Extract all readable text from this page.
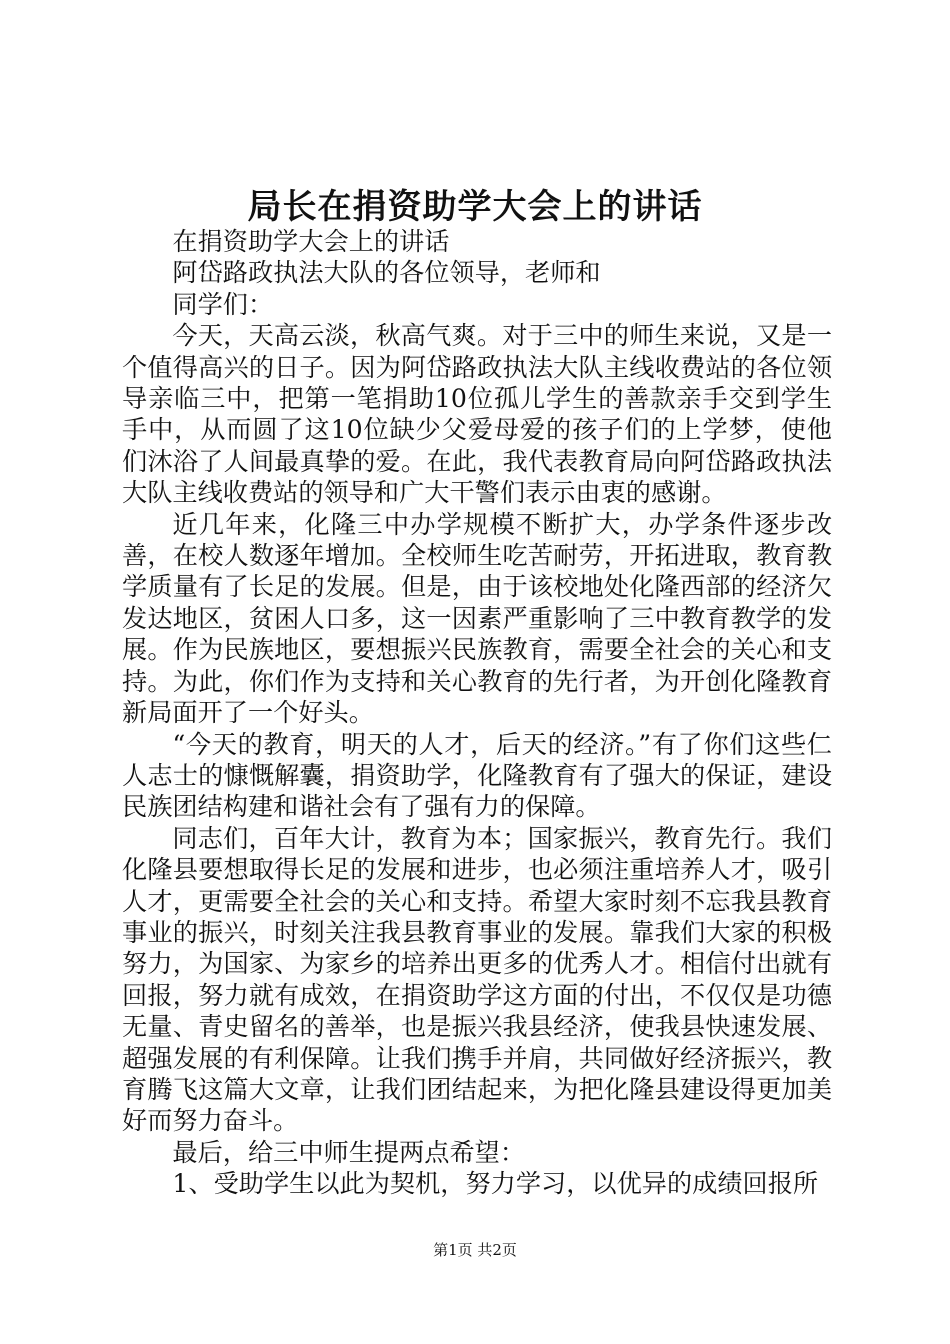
局长在捐资助学大会上的讲话

在捐资助学大会上的讲话

阿岱路政执法大队的各位领导，老师和

同学们：

今天，天高云淡，秋高气爽。对于三中的师生来说，又是一个值得高兴的日子。因为阿岱路政执法大队主线收费站的各位领导亲临三中，把第一笔捐助10位孤儿学生的善款亲手交到学生手中，从而圆了这10位缺少父爱母爱的孩子们的上学梦，使他们沐浴了人间最真挚的爱。在此，我代表教育局向阿岱路政执法大队主线收费站的领导和广大干警们表示由衷的感谢。

近几年来，化隆三中办学规模不断扩大，办学条件逐步改善，在校人数逐年增加。全校师生吃苦耐劳，开拓进取，教育教学质量有了长足的发展。但是，由于该校地处化隆西部的经济欠发达地区，贫困人口多，这一因素严重影响了三中教育教学的发展。作为民族地区，要想振兴民族教育，需要全社会的关心和支持。为此，你们作为支持和关心教育的先行者，为开创化隆教育新局面开了一个好头。

“今天的教育，明天的人才，后天的经济。”有了你们这些仁人志士的慷慨解囊，捐资助学，化隆教育有了强大的保证，建设民族团结构建和谐社会有了强有力的保障。

同志们，百年大计，教育为本；国家振兴，教育先行。我们化隆县要想取得长足的发展和进步，也必须注重培养人才，吸引人才，更需要全社会的关心和支持。希望大家时刻不忘我县教育事业的振兴，时刻关注我县教育事业的发展。靠我们大家的积极努力，为国家、为家乡的培养出更多的优秀人才。相信付出就有回报，努力就有成效，在捐资助学这方面的付出，不仅仅是功德无量、青史留名的善举，也是振兴我县经济，使我县快速发展、超强发展的有利保障。让我们携手并肩，共同做好经济振兴，教育腾飞这篇大文章，让我们团结起来，为把化隆县建设得更加美好而努力奋斗。

最后，给三中师生提两点希望：

1、受助学生以此为契机，努力学习，以优异的成绩回报所

第1页 共2页
